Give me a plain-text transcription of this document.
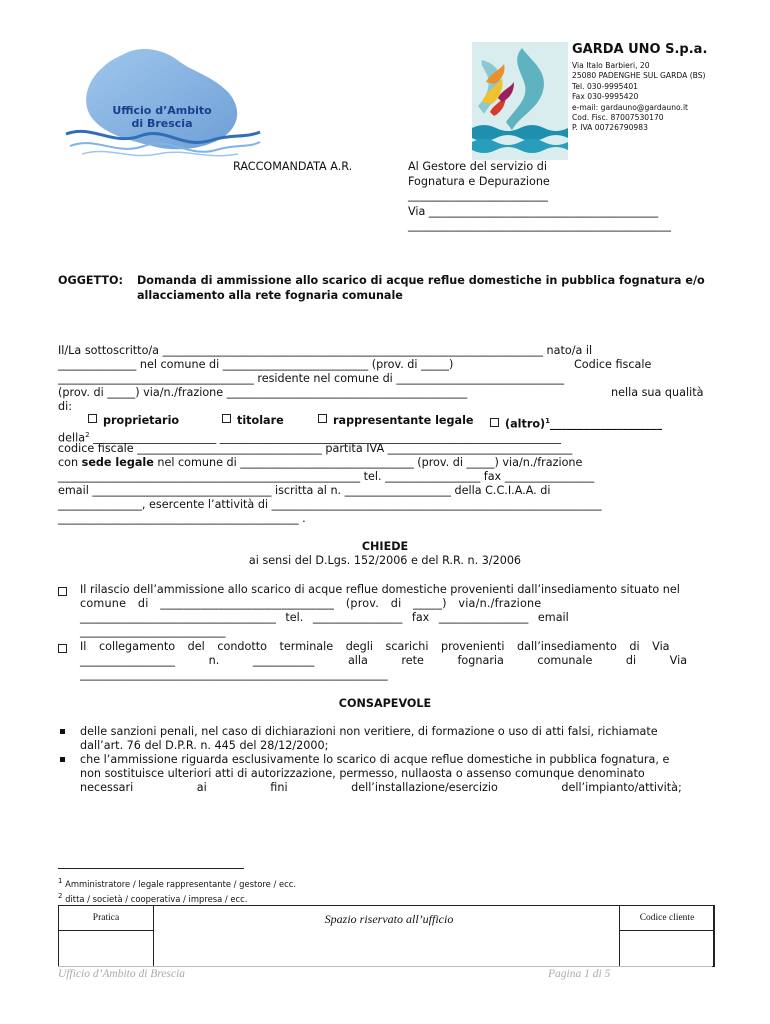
Ufficio d’Ambito
di Brescia
GARDA UNO S.p.a.
Via Italo Barbieri, 20
25080 PADENGHE SUL GARDA (BS)
Tel. 030-9995401
Fax 030-9995420
e-mail: gardauno@gardauno.it
Cod. Fisc. 87007530170
P. IVA 00726790983
RACCOMANDATA A.R.	Al Gestore del servizio di
Fognatura e Depurazione
_________________________
Via _________________________________________
_______________________________________________
OGGETTO: Domanda di ammissione allo scarico di acque reflue domestiche in pubblica fognatura e/o
allacciamento alla rete fognaria comunale
Il/La sottoscritto/a ____________________________________________________________________ nato/a il
______________ nel comune di __________________________ (prov. di _____)	Codice fiscale
___________________________________ residente nel comune di ______________________________
(prov. di _____) via/n./frazione ___________________________________________	nella sua qualità
di:
proprietario	titolare	rappresentante legale	(altro)$^1$____________________
della$^2$ ______________________ _____________________________________________________________
codice fiscale _________________________________ partita IVA _________________________________
con sede legale nel comune di _______________________________ (prov. di _____) via/n./frazione
______________________________________________________ tel. _________________ fax ________________
email ________________________________ iscritta al n. ___________________ della C.C.I.A.A. di
_______________, esercente l’attività di ___________________________________________________________
___________________________________________ .
CHIEDE
ai sensi del D.Lgs. 152/2006 e del R.R. n. 3/2006
Il rilascio dell’ammissione allo scarico di acque reflue domestiche provenienti dall’insediamento situato nel
comune di ______________________________ (prov. di _____) via/n./frazione
___________________________________ tel. ________________ fax ________________ email
__________________________
Il collegamento del condotto terminale degli scarichi provenienti dall’insediamento di Via
_________________ n. ___________ alla rete fognaria comunale di Via
_______________________________________________________
CONSAPEVOLE
delle sanzioni penali, nel caso di dichiarazioni non veritiere, di formazione o uso di atti falsi, richiamate
dall’art. 76 del D.P.R. n. 445 del 28/12/2000;
che l’ammissione riguarda esclusivamente lo scarico di acque reflue domestiche in pubblica fognatura, e
non sostituisce ulteriori atti di autorizzazione, permesso, nullaosta o assenso comunque denominato
necessari ai fini dell’installazione/esercizio dell’impianto/attività;
$^1$ Amministratore / legale rappresentante / gestore / ecc.
$^2$ ditta / società / cooperativa / impresa / ecc.
Pratica	Spazio riservato all’ufficio	Codice cliente
Ufficio d’Ambito di Brescia	Pagina 1 di 5
